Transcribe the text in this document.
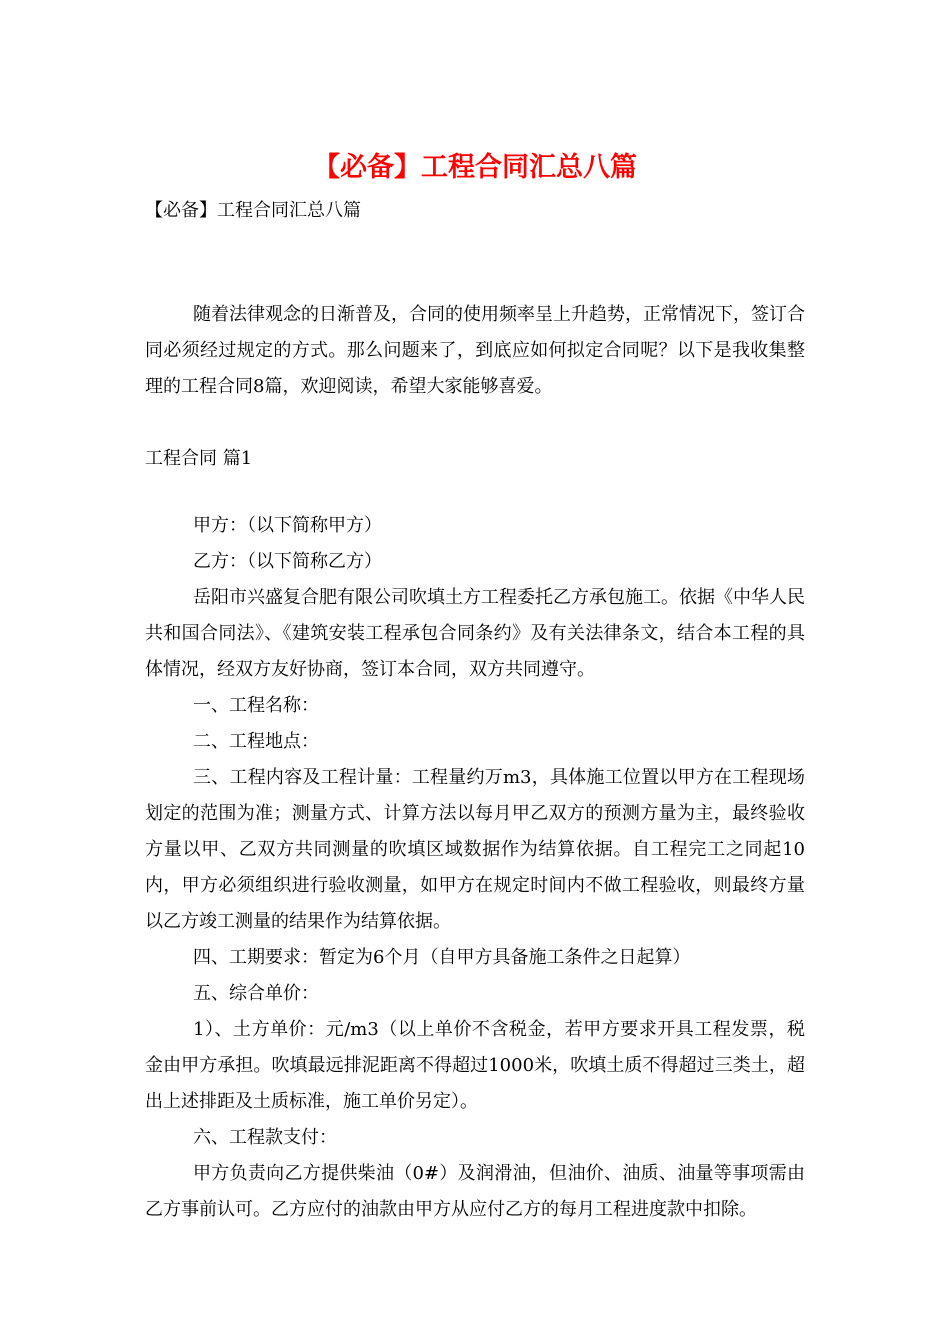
【必备】工程合同汇总八篇
【必备】工程合同汇总八篇

随着法律观念的日渐普及，合同的使用频率呈上升趋势，正常情况下，签订合同必须经过规定的方式。那么问题来了，到底应如何拟定合同呢？以下是我收集整理的工程合同8篇，欢迎阅读，希望大家能够喜爱。

工程合同 篇1

甲方：（以下简称甲方）

乙方：（以下简称乙方）

岳阳市兴盛复合肥有限公司吹填土方工程委托乙方承包施工。依据《中华人民共和国合同法》、《建筑安装工程承包合同条约》及有关法律条文，结合本工程的具体情况，经双方友好协商，签订本合同，双方共同遵守。

一、工程名称：

二、工程地点：

三、工程内容及工程计量：工程量约万m3，具体施工位置以甲方在工程现场划定的范围为准；测量方式、计算方法以每月甲乙双方的预测方量为主，最终验收方量以甲、乙双方共同测量的吹填区域数据作为结算依据。自工程完工之同起10内，甲方必须组织进行验收测量，如甲方在规定时间内不做工程验收，则最终方量以乙方竣工测量的结果作为结算依据。

四、工期要求：暂定为6个月（自甲方具备施工条件之日起算）

五、综合单价：

1）、土方单价：元/m3（以上单价不含税金，若甲方要求开具工程发票，税金由甲方承担。吹填最远排泥距离不得超过1000米，吹填土质不得超过三类土，超出上述排距及土质标准，施工单价另定）。

六、工程款支付：

甲方负责向乙方提供柴油（0#）及润滑油，但油价、油质、油量等事项需由乙方事前认可。乙方应付的油款由甲方从应付乙方的每月工程进度款中扣除。
